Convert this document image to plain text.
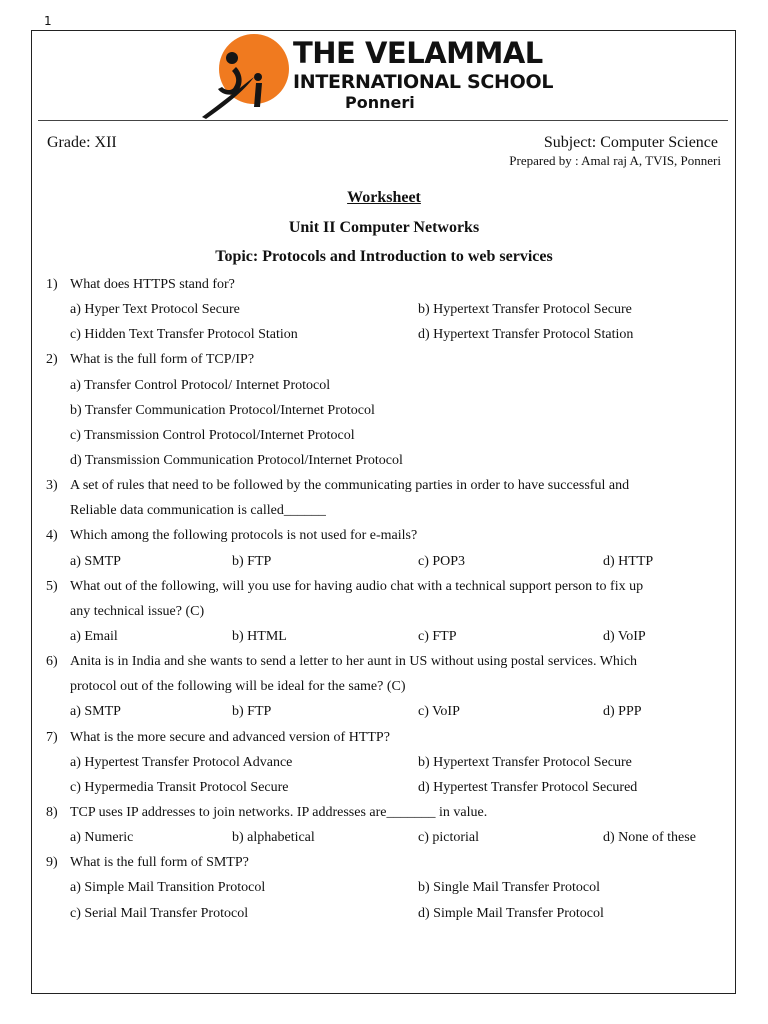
1
THE VELAMMAL
INTERNATIONAL SCHOOL
Ponneri
Grade: XII	Subject: Computer Science
Prepared by : Amal raj A, TVIS, Ponneri
Worksheet
Unit II Computer Networks
Topic: Protocols and Introduction to web services
1) What does HTTPS stand for?
a) Hyper Text Protocol Secure	b) Hypertext Transfer Protocol Secure
c) Hidden Text Transfer Protocol Station	d) Hypertext Transfer Protocol Station
2) What is the full form of TCP/IP?
a) Transfer Control Protocol/ Internet Protocol
b) Transfer Communication Protocol/Internet Protocol
c) Transmission Control Protocol/Internet Protocol
d) Transmission Communication Protocol/Internet Protocol
3) A set of rules that need to be followed by the communicating parties in order to have successful and
Reliable data communication is called______
4) Which among the following protocols is not used for e-mails?
a) SMTP	b) FTP	c) POP3	d) HTTP
5) What out of the following, will you use for having audio chat with a technical support person to fix up
any technical issue? (C)
a) Email	b) HTML	c) FTP	d) VoIP
6) Anita is in India and she wants to send a letter to her aunt in US without using postal services. Which
protocol out of the following will be ideal for the same? (C)
a) SMTP	b) FTP	c) VoIP	d) PPP
7) What is the more secure and advanced version of HTTP?
a) Hypertest Transfer Protocol Advance	b) Hypertext Transfer Protocol Secure
c) Hypermedia Transit Protocol Secure	d) Hypertest Transfer Protocol Secured
8) TCP uses IP addresses to join networks. IP addresses are_______ in value.
a) Numeric	b) alphabetical	c) pictorial	d) None of these
9) What is the full form of SMTP?
a) Simple Mail Transition Protocol	b) Single Mail Transfer Protocol
c) Serial Mail Transfer Protocol	d) Simple Mail Transfer Protocol
